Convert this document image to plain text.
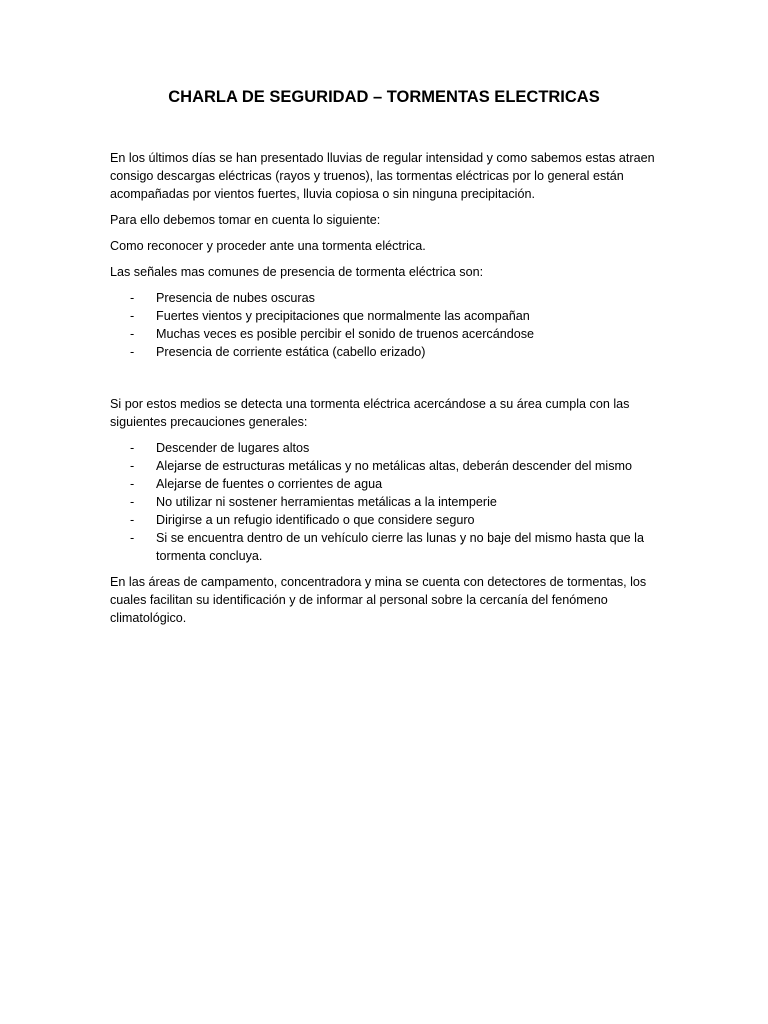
CHARLA DE SEGURIDAD – TORMENTAS ELECTRICAS

En los últimos días se han presentado lluvias de regular intensidad y como sabemos estas atraen consigo descargas eléctricas (rayos y truenos), las tormentas eléctricas por lo general están acompañadas por vientos fuertes, lluvia copiosa o sin ninguna precipitación.

Para ello debemos tomar en cuenta lo siguiente:

Como reconocer y proceder ante una tormenta eléctrica.

Las señales mas comunes de presencia de tormenta eléctrica son:

- Presencia de nubes oscuras
- Fuertes vientos y precipitaciones que normalmente las acompañan
- Muchas veces es posible percibir el sonido de truenos acercándose
- Presencia de corriente estática (cabello erizado)

Si por estos medios se detecta una tormenta eléctrica acercándose a su área cumpla con las siguientes precauciones generales:

- Descender de lugares altos
- Alejarse de estructuras metálicas y no metálicas altas, deberán descender del mismo
- Alejarse de fuentes o corrientes de agua
- No utilizar ni sostener herramientas metálicas a la intemperie
- Dirigirse a un refugio identificado o que considere seguro
- Si se encuentra dentro de un vehículo cierre las lunas y no baje del mismo hasta que la tormenta concluya.

En las áreas de campamento, concentradora y mina se cuenta con detectores de tormentas, los cuales facilitan su identificación y de informar al personal sobre la cercanía del fenómeno climatológico.
